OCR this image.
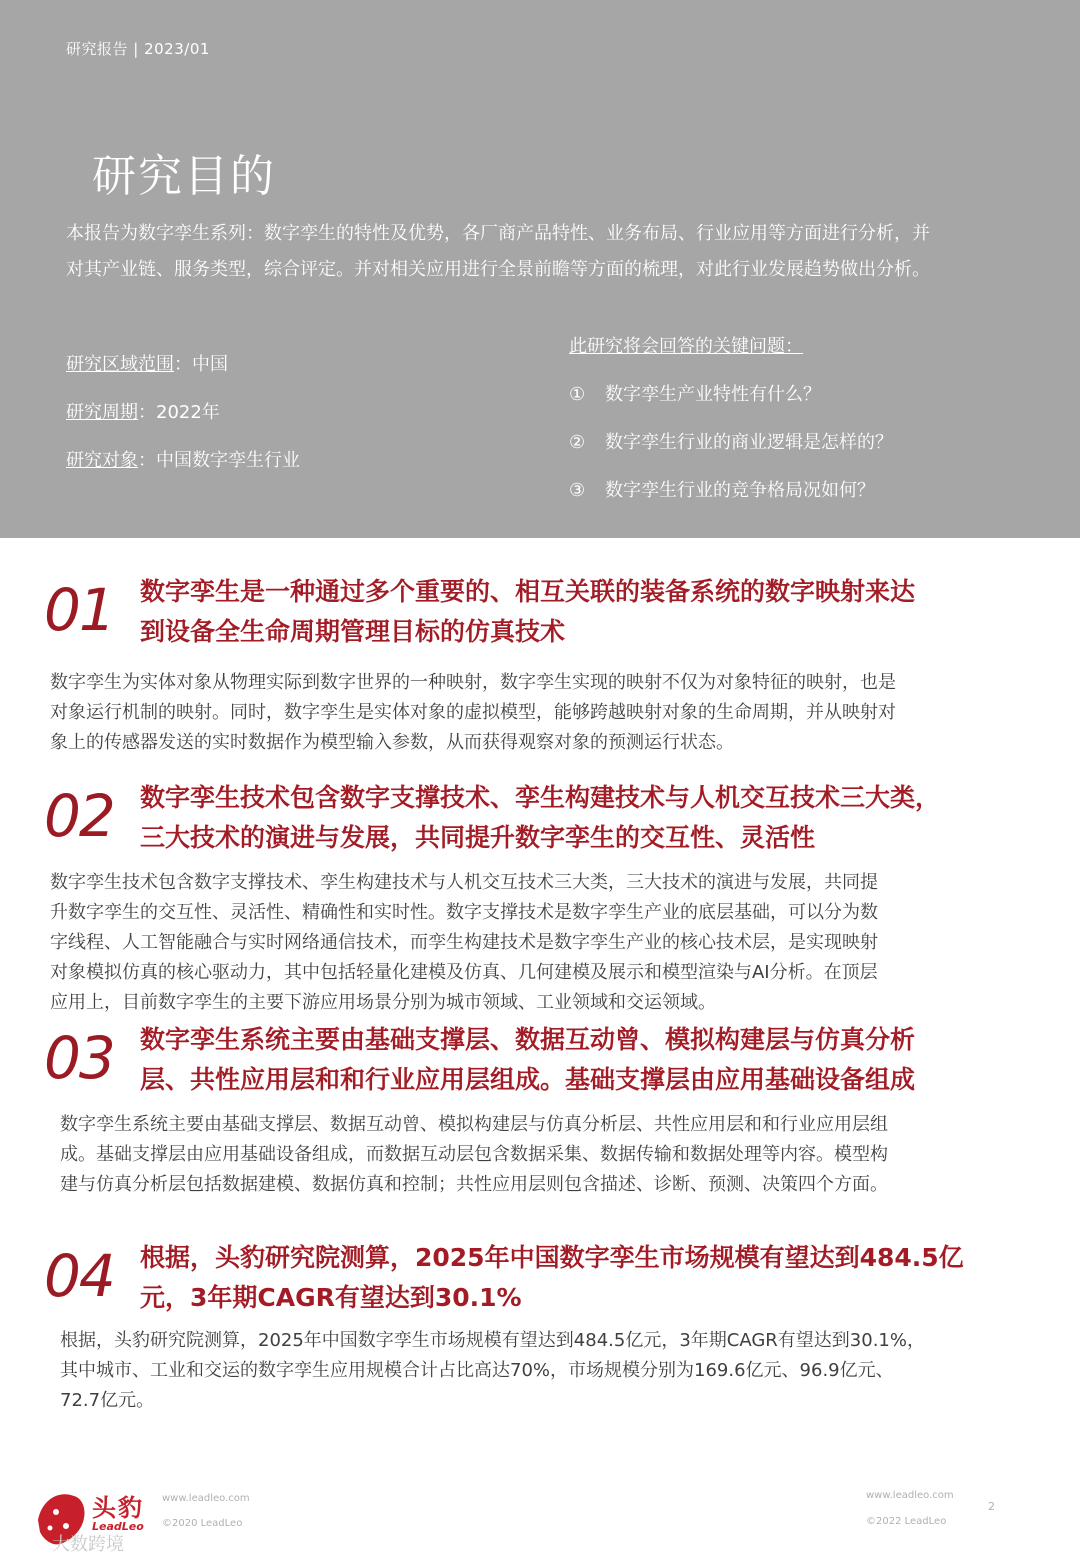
研究报告 | 2023/01
研究目的
本报告为数字孪生系列：数字孪生的特性及优势，各厂商产品特性、业务布局、行业应用等方面进行分析，并
对其产业链、服务类型，综合评定。并对相关应用进行全景前瞻等方面的梳理，对此行业发展趋势做出分析。
研究区域范围：中国
研究周期：2022年
研究对象：中国数字孪生行业
此研究将会回答的关键问题：
① 数字孪生产业特性有什么？
② 数字孪生行业的商业逻辑是怎样的？
③ 数字孪生行业的竞争格局况如何？
01 数字孪生是一种通过多个重要的、相互关联的装备系统的数字映射来达
到设备全生命周期管理目标的仿真技术
数字孪生为实体对象从物理实际到数字世界的一种映射，数字孪生实现的映射不仅为对象特征的映射，也是
对象运行机制的映射。同时，数字孪生是实体对象的虚拟模型，能够跨越映射对象的生命周期，并从映射对
象上的传感器发送的实时数据作为模型输入参数，从而获得观察对象的预测运行状态。
02 数字孪生技术包含数字支撑技术、孪生构建技术与人机交互技术三大类，
三大技术的演进与发展，共同提升数字孪生的交互性、灵活性
数字孪生技术包含数字支撑技术、孪生构建技术与人机交互技术三大类，三大技术的演进与发展，共同提
升数字孪生的交互性、灵活性、精确性和实时性。数字支撑技术是数字孪生产业的底层基础，可以分为数
字线程、人工智能融合与实时网络通信技术，而孪生构建技术是数字孪生产业的核心技术层，是实现映射
对象模拟仿真的核心驱动力，其中包括轻量化建模及仿真、几何建模及展示和模型渲染与AI分析。在顶层
应用上，目前数字孪生的主要下游应用场景分别为城市领域、工业领域和交运领域。
03 数字孪生系统主要由基础支撑层、数据互动曾、模拟构建层与仿真分析
层、共性应用层和和行业应用层组成。基础支撑层由应用基础设备组成
数字孪生系统主要由基础支撑层、数据互动曾、模拟构建层与仿真分析层、共性应用层和和行业应用层组
成。基础支撑层由应用基础设备组成，而数据互动层包含数据采集、数据传输和数据处理等内容。模型构
建与仿真分析层包括数据建模、数据仿真和控制；共性应用层则包含描述、诊断、预测、决策四个方面。
04 根据，头豹研究院测算，2025年中国数字孪生市场规模有望达到484.5亿
元，3年期CAGR有望达到30.1%
根据，头豹研究院测算，2025年中国数字孪生市场规模有望达到484.5亿元，3年期CAGR有望达到30.1%，
其中城市、工业和交运的数字孪生应用规模合计占比高达70%，市场规模分别为169.6亿元、96.9亿元、
72.7亿元。
头豹
LeadLeo
大数跨境
www.leadleo.com
©2020 LeadLeo
www.leadleo.com
©2022 LeadLeo
2
